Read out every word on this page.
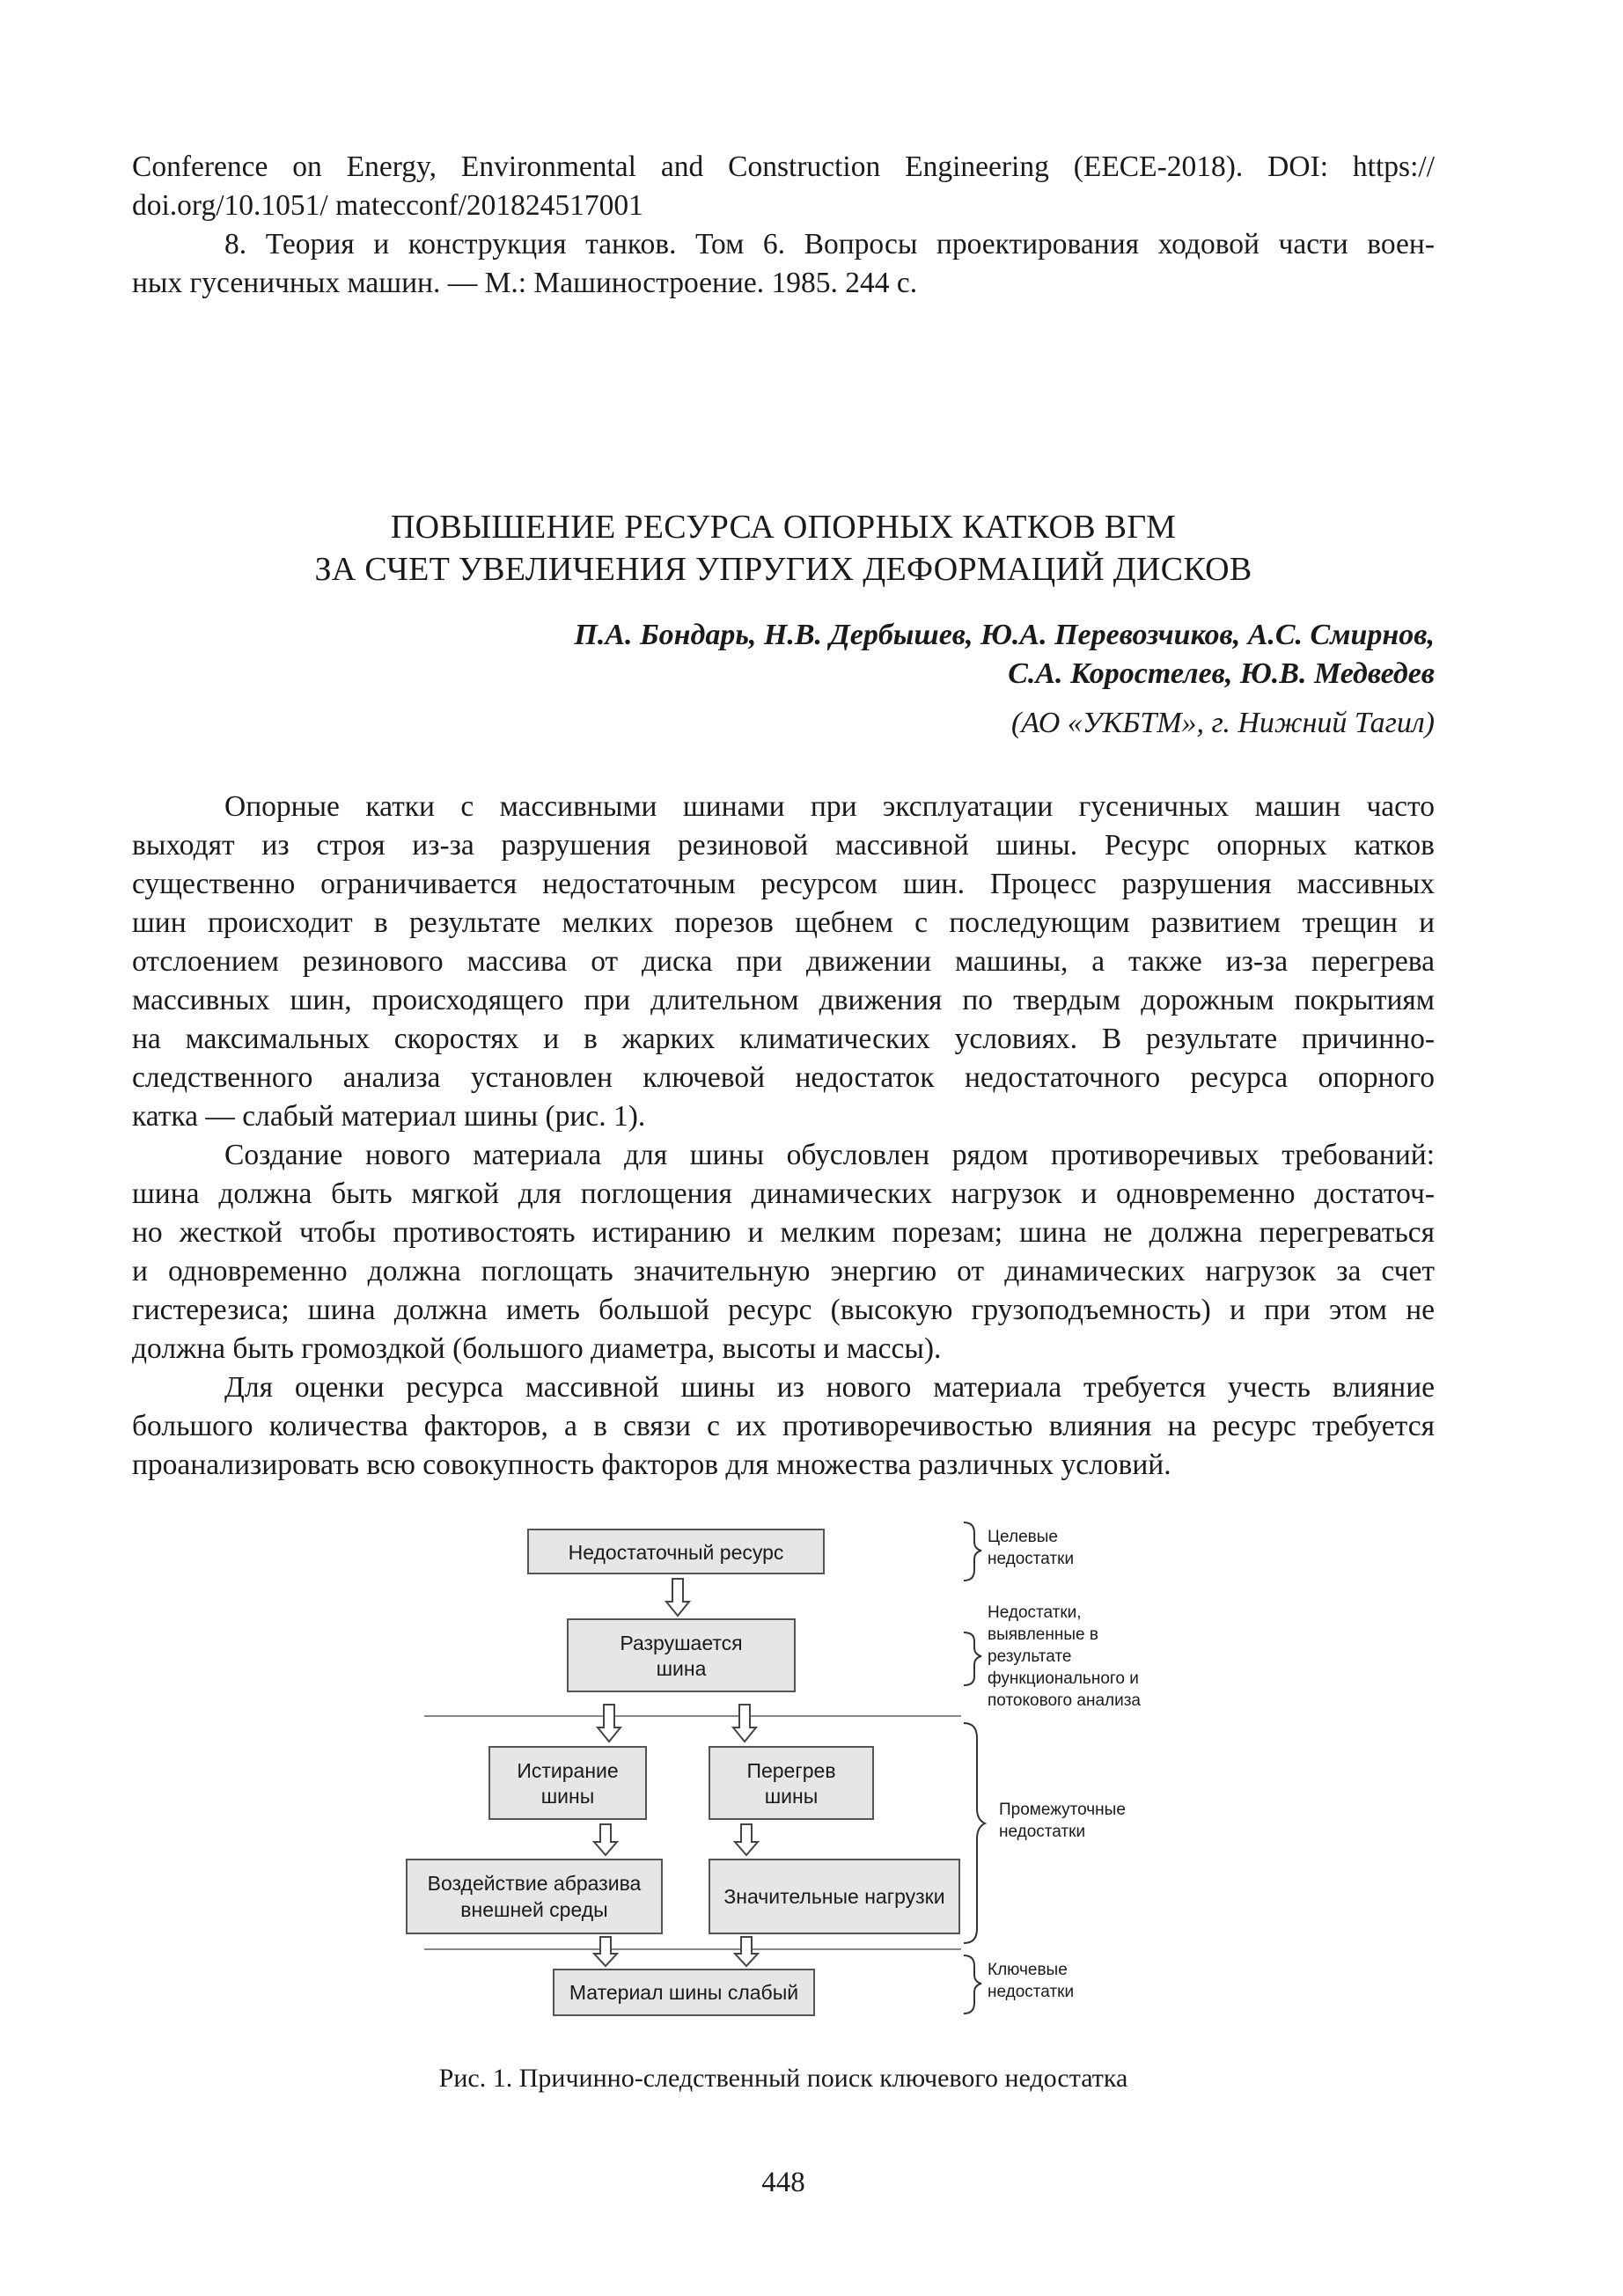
Conference on Energy, Environmental and Construction Engineering (EECE-2018). DOI: https://
doi.org/10.1051/ matecconf/201824517001
8. Теория и конструкция танков. Том 6. Вопросы проектирования ходовой части воен-
ных гусеничных машин. — М.: Машиностроение. 1985. 244 с.
ПОВЫШЕНИЕ РЕСУРСА ОПОРНЫХ КАТКОВ ВГМ
ЗА СЧЕТ УВЕЛИЧЕНИЯ УПРУГИХ ДЕФОРМАЦИЙ ДИСКОВ
П.А. Бондарь, Н.В. Дербышев, Ю.А. Перевозчиков, А.С. Смирнов,
С.А. Коростелев, Ю.В. Медведев
(АО «УКБТМ», г. Нижний Тагил)
Опорные катки с массивными шинами при эксплуатации гусеничных машин часто
выходят из строя из-за разрушения резиновой массивной шины. Ресурс опорных катков
существенно ограничивается недостаточным ресурсом шин. Процесс разрушения массивных
шин происходит в результате мелких порезов щебнем с последующим развитием трещин и
отслоением резинового массива от диска при движении машины, а также из-за перегрева
массивных шин, происходящего при длительном движения по твердым дорожным покрытиям
на максимальных скоростях и в жарких климатических условиях. В результате причинно-
следственного анализа установлен ключевой недостаток недостаточного ресурса опорного
катка — слабый материал шины (рис. 1).
Создание нового материала для шины обусловлен рядом противоречивых требований:
шина должна быть мягкой для поглощения динамических нагрузок и одновременно достаточ-
но жесткой чтобы противостоять истиранию и мелким порезам; шина не должна перегреваться
и одновременно должна поглощать значительную энергию от динамических нагрузок за счет
гистерезиса; шина должна иметь большой ресурс (высокую грузоподъемность) и при этом не
должна быть громоздкой (большого диаметра, высоты и массы).
Для оценки ресурса массивной шины из нового материала требуется учесть влияние
большого количества факторов, а в связи с их противоречивостью влияния на ресурс требуется
проанализировать всю совокупность факторов для множества различных условий.
Недостаточный ресурс
Разрушается
шина
Истирание
шины
Перегрев
шины
Воздействие абразива
внешней среды
Значительные нагрузки
Материал шины слабый
Целевые
недостатки
Недостатки,
выявленные в
результате
функционального и
потокового анализа
Промежуточные
недостатки
Ключевые
недостатки
Рис. 1. Причинно-следственный поиск ключевого недостатка
448
